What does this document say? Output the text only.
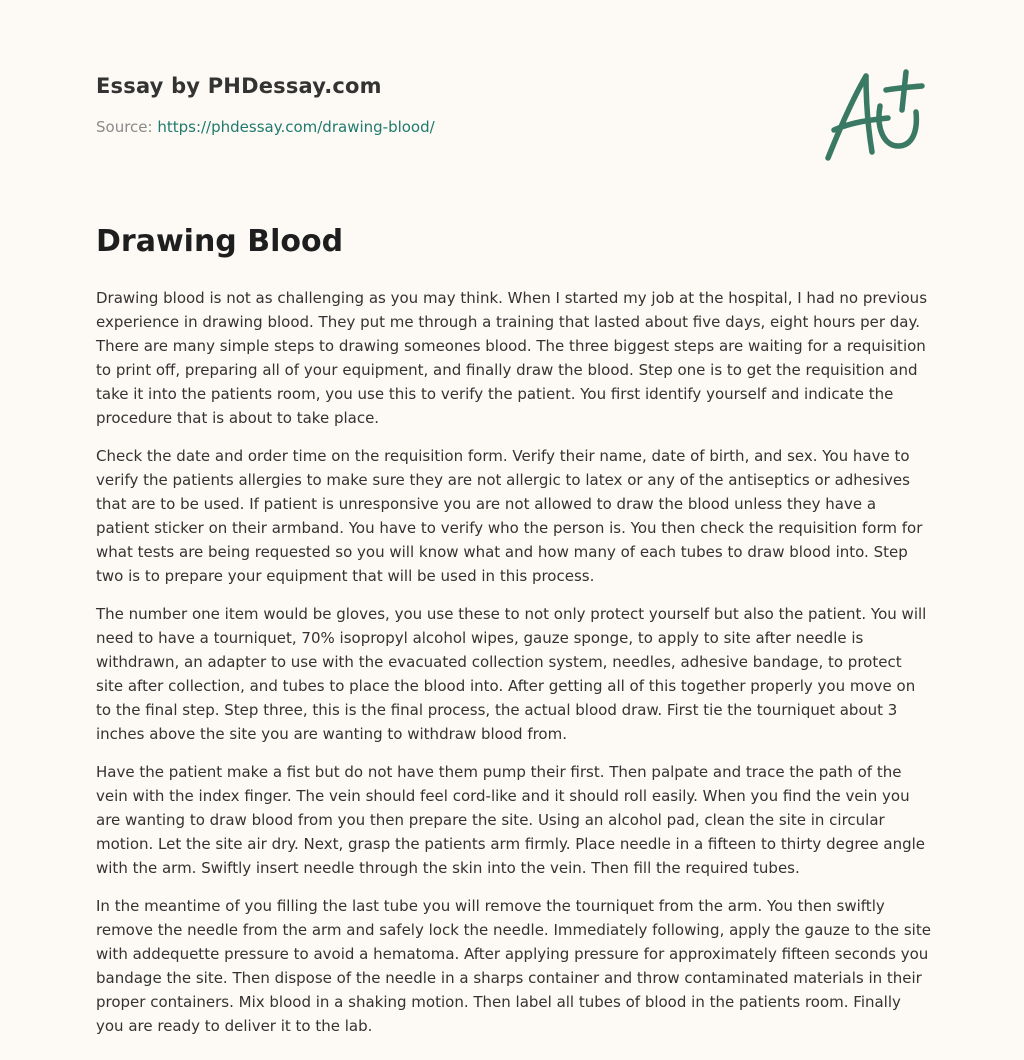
Essay by PHDessay.com
Source: https://phdessay.com/drawing-blood/
Drawing Blood

Drawing blood is not as challenging as you may think. When I started my job at the hospital, I had no previous experience in drawing blood. They put me through a training that lasted about five days, eight hours per day. There are many simple steps to drawing someones blood. The three biggest steps are waiting for a requisition to print off, preparing all of your equipment, and finally draw the blood. Step one is to get the requisition and take it into the patients room, you use this to verify the patient. You first identify yourself and indicate the procedure that is about to take place.

Check the date and order time on the requisition form. Verify their name, date of birth, and sex. You have to verify the patients allergies to make sure they are not allergic to latex or any of the antiseptics or adhesives that are to be used. If patient is unresponsive you are not allowed to draw the blood unless they have a patient sticker on their armband. You have to verify who the person is. You then check the requisition form for what tests are being requested so you will know what and how many of each tubes to draw blood into. Step two is to prepare your equipment that will be used in this process.

The number one item would be gloves, you use these to not only protect yourself but also the patient. You will need to have a tourniquet, 70% isopropyl alcohol wipes, gauze sponge, to apply to site after needle is withdrawn, an adapter to use with the evacuated collection system, needles, adhesive bandage, to protect site after collection, and tubes to place the blood into. After getting all of this together properly you move on to the final step. Step three, this is the final process, the actual blood draw. First tie the tourniquet about 3 inches above the site you are wanting to withdraw blood from.

Have the patient make a fist but do not have them pump their first. Then palpate and trace the path of the vein with the index finger. The vein should feel cord-like and it should roll easily. When you find the vein you are wanting to draw blood from you then prepare the site. Using an alcohol pad, clean the site in circular motion. Let the site air dry. Next, grasp the patients arm firmly. Place needle in a fifteen to thirty degree angle with the arm. Swiftly insert needle through the skin into the vein. Then fill the required tubes.

In the meantime of you filling the last tube you will remove the tourniquet from the arm. You then swiftly remove the needle from the arm and safely lock the needle. Immediately following, apply the gauze to the site with addequette pressure to avoid a hematoma. After applying pressure for approximately fifteen seconds you bandage the site. Then dispose of the needle in a sharps container and throw contaminated materials in their proper containers. Mix blood in a shaking motion. Then label all tubes of blood in the patients room. Finally you are ready to deliver it to the lab.
